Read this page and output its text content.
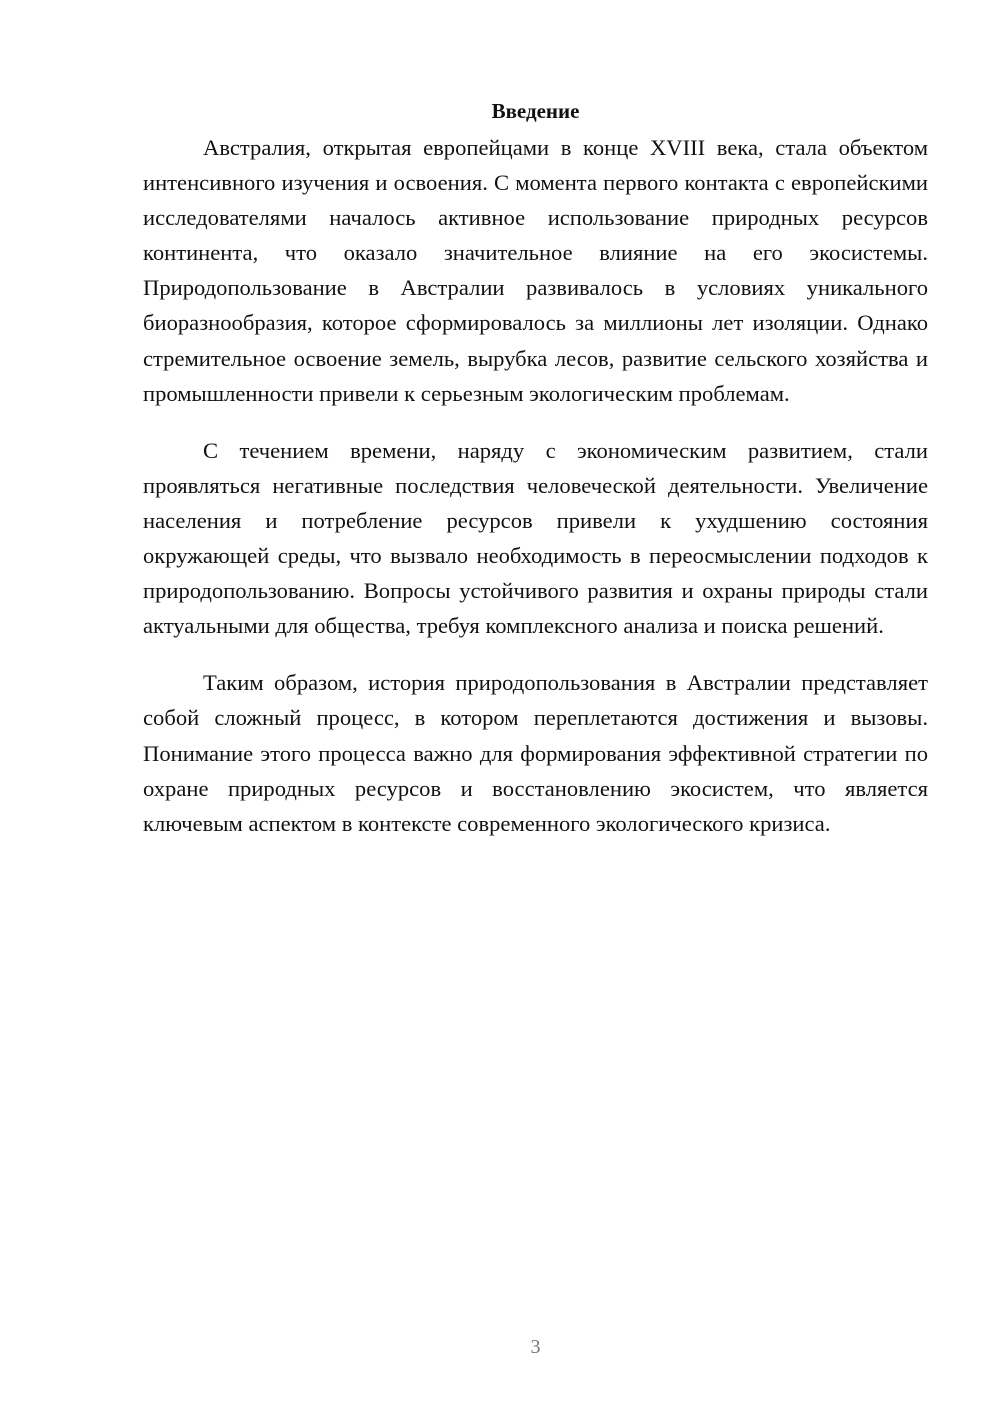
Введение

Австралия, открытая европейцами в конце XVIII века, стала объектом интенсивного изучения и освоения. С момента первого контакта с европейскими исследователями началось активное использование природных ресурсов континента, что оказало значительное влияние на его экосистемы. Природопользование в Австралии развивалось в условиях уникального биоразнообразия, которое сформировалось за миллионы лет изоляции. Однако стремительное освоение земель, вырубка лесов, развитие сельского хозяйства и промышленности привели к серьезным экологическим проблемам.

С течением времени, наряду с экономическим развитием, стали проявляться негативные последствия человеческой деятельности. Увеличение населения и потребление ресурсов привели к ухудшению состояния окружающей среды, что вызвало необходимость в переосмыслении подходов к природопользованию. Вопросы устойчивого развития и охраны природы стали актуальными для общества, требуя комплексного анализа и поиска решений.

Таким образом, история природопользования в Австралии представляет собой сложный процесс, в котором переплетаются достижения и вызовы. Понимание этого процесса важно для формирования эффективной стратегии по охране природных ресурсов и восстановлению экосистем, что является ключевым аспектом в контексте современного экологического кризиса.

3
